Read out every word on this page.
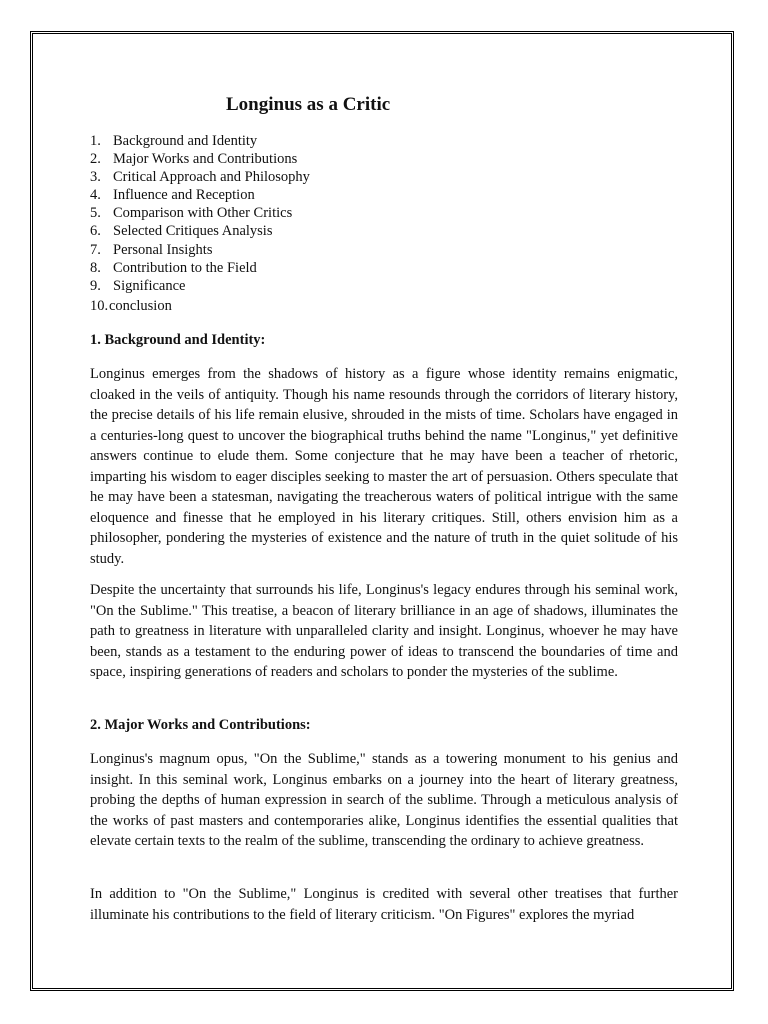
Longinus as a Critic
1. Background and Identity
2. Major Works and Contributions
3. Critical Approach and Philosophy
4. Influence and Reception
5. Comparison with Other Critics
6. Selected Critiques Analysis
7. Personal Insights
8. Contribution to the Field
9. Significance
10.conclusion
1. Background and Identity:

Longinus emerges from the shadows of history as a figure whose identity remains enigmatic, cloaked in the veils of antiquity. Though his name resounds through the corridors of literary history, the precise details of his life remain elusive, shrouded in the mists of time. Scholars have engaged in a centuries-long quest to uncover the biographical truths behind the name "Longinus," yet definitive answers continue to elude them. Some conjecture that he may have been a teacher of rhetoric, imparting his wisdom to eager disciples seeking to master the art of persuasion. Others speculate that he may have been a statesman, navigating the treacherous waters of political intrigue with the same eloquence and finesse that he employed in his literary critiques. Still, others envision him as a philosopher, pondering the mysteries of existence and the nature of truth in the quiet solitude of his study.

Despite the uncertainty that surrounds his life, Longinus's legacy endures through his seminal work, "On the Sublime." This treatise, a beacon of literary brilliance in an age of shadows, illuminates the path to greatness in literature with unparalleled clarity and insight. Longinus, whoever he may have been, stands as a testament to the enduring power of ideas to transcend the boundaries of time and space, inspiring generations of readers and scholars to ponder the mysteries of the sublime.

2. Major Works and Contributions:

Longinus's magnum opus, "On the Sublime," stands as a towering monument to his genius and insight. In this seminal work, Longinus embarks on a journey into the heart of literary greatness, probing the depths of human expression in search of the sublime. Through a meticulous analysis of the works of past masters and contemporaries alike, Longinus identifies the essential qualities that elevate certain texts to the realm of the sublime, transcending the ordinary to achieve greatness.

In addition to "On the Sublime," Longinus is credited with several other treatises that further illuminate his contributions to the field of literary criticism. "On Figures" explores the myriad
